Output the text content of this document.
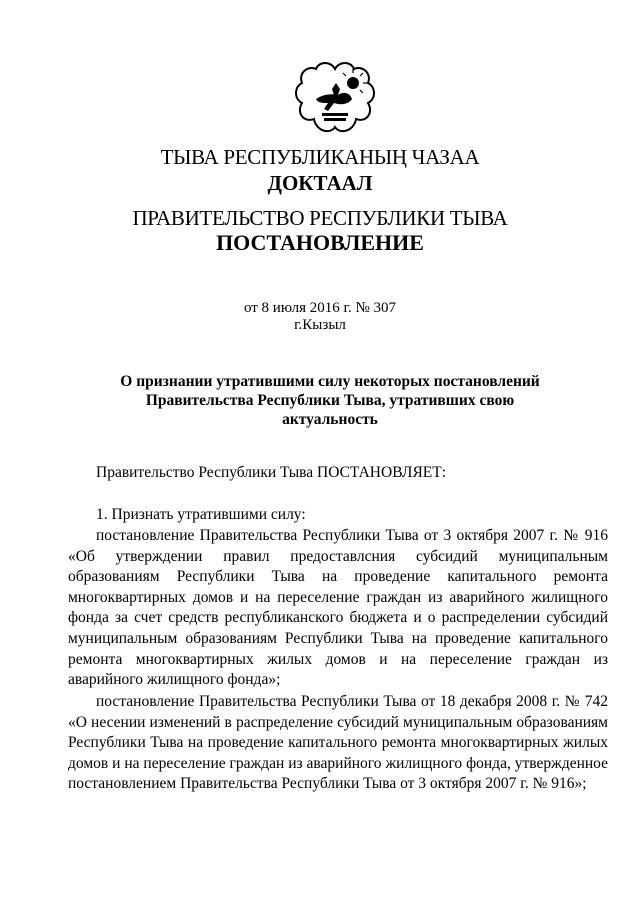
ТЫВА РЕСПУБЛИКАНЫҢ ЧАЗАА
ДОКТААЛ
ПРАВИТЕЛЬСТВО РЕСПУБЛИКИ ТЫВА
ПОСТАНОВЛЕНИЕ
от 8 июля 2016 г. № 307
г.Кызыл
О признании утратившими силу некоторых постановлений Правительства Республики Тыва, утративших свою актуальность
Правительство Республики Тыва ПОСТАНОВЛЯЕТ:
1. Признать утратившими силу:
постановление Правительства Республики Тыва от 3 октября 2007 г. № 916 «Об утверждении правил предоставлсния субсидий муниципальным образованиям Республики Тыва на проведение капитального ремонта многоквартирных домов и на переселение граждан из аварийного жилищного фонда за счет средств республиканского бюджета и о распределении субсидий муниципальным образованиям Республики Тыва на проведение капитального ремонта многоквартирных жилых домов и на переселение граждан из аварийного жилищного фонда»;
постановление Правительства Республики Тыва от 18 декабря 2008 г. № 742 «О несении изменений в распределение субсидий муниципальным образованиям Республики Тыва на проведение капитального ремонта многоквартирных жилых домов и на переселение граждан из аварийного жилищного фонда, утвержденное постановлением Правительства Республики Тыва от 3 октября 2007 г. № 916»;
